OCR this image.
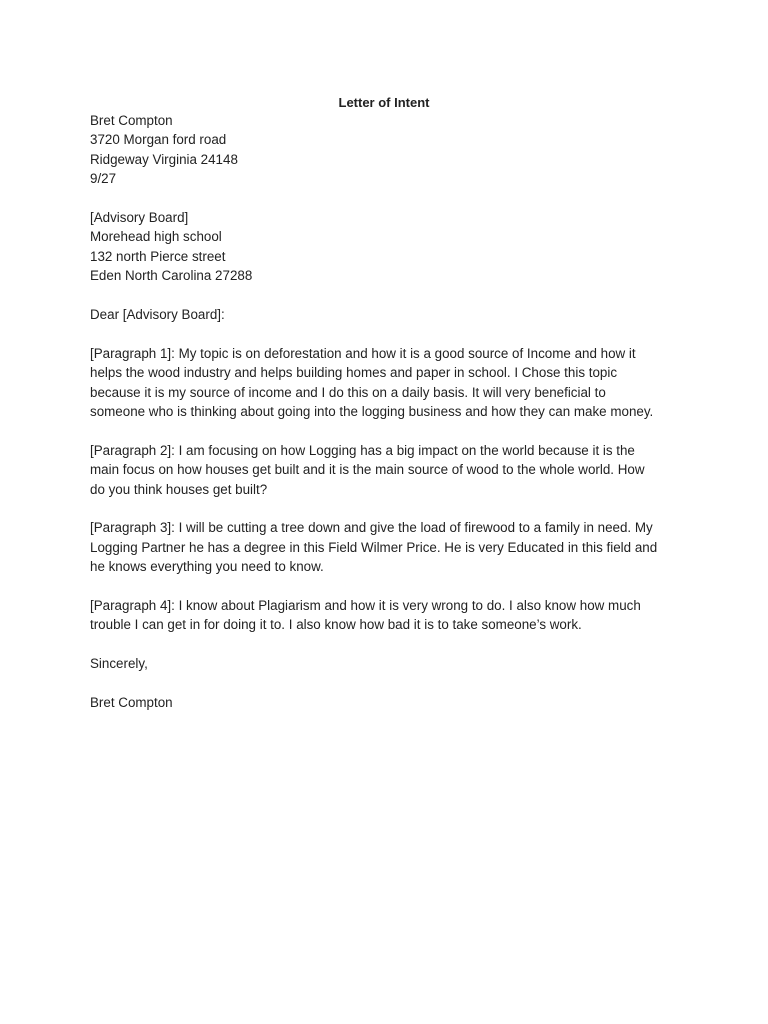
Letter of Intent
Bret Compton
3720 Morgan ford road
Ridgeway Virginia 24148
9/27
[Advisory Board]
Morehead high school
132 north Pierce street
Eden North Carolina 27288
Dear [Advisory Board]:
[Paragraph 1]: My topic is on deforestation and how it is a good source of Income and how it
helps the wood industry and helps building homes and paper in school. I Chose this topic
because it is my source of income and I do this on a daily basis. It will very beneficial to
someone who is thinking about going into the logging business and how they can make money.
[Paragraph 2]: I am focusing on how Logging has a big impact on the world because it is the
main focus on how houses get built and it is the main source of wood to the whole world. How
do you think houses get built?
[Paragraph 3]: I will be cutting a tree down and give the load of firewood to a family in need. My
Logging Partner he has a degree in this Field Wilmer Price. He is very Educated in this field and
he knows everything you need to know.
[Paragraph 4]: I know about Plagiarism and how it is very wrong to do. I also know how much
trouble I can get in for doing it to. I also know how bad it is to take someone’s work.
Sincerely,
Bret Compton
